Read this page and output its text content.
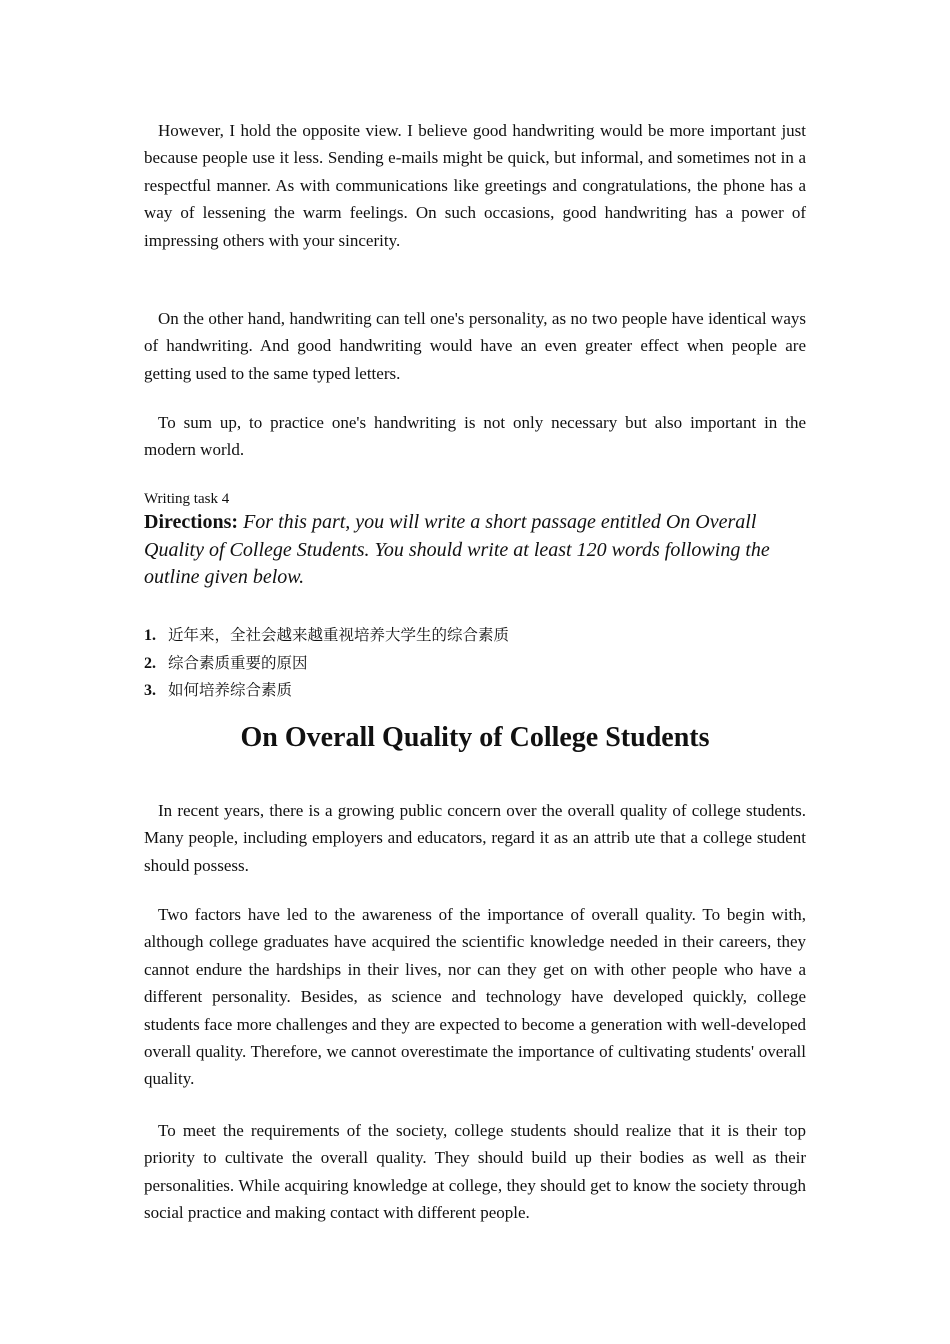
However, I hold the opposite view. I believe good handwriting would be more important just because people use it less. Sending e-mails might be quick, but informal, and sometimes not in a respectful manner. As with communications like greetings and congratulations, the phone has a way of lessening the warm feelings. On such occasions, good handwriting has a power of impressing others with your sincerity.

On the other hand, handwriting can tell one's personality, as no two people have identical ways of handwriting. And good handwriting would have an even greater effect when people are getting used to the same typed letters.

To sum up, to practice one's handwriting is not only necessary but also important in the modern world.

Writing task 4

Directions: For this part, you will write a short passage entitled On Overall Quality of College Students. You should write at least 120 words following the outline given below.

1. 近年来，全社会越来越重视培养大学生的综合素质
2. 综合素质重要的原因
3. 如何培养综合素质
On Overall Quality of College Students

In recent years, there is a growing public concern over the overall quality of college students. Many people, including employers and educators, regard it as an attrib ute that a college student should possess.

Two factors have led to the awareness of the importance of overall quality. To begin with, although college graduates have acquired the scientific knowledge needed in their careers, they cannot endure the hardships in their lives, nor can they get on with other people who have a different personality. Besides, as science and technology have developed quickly, college students face more challenges and they are expected to become a generation with well-developed overall quality. Therefore, we cannot overestimate the importance of cultivating students' overall quality.

To meet the requirements of the society, college students should realize that it is their top priority to cultivate the overall quality. They should build up their bodies as well as their personalities. While acquiring knowledge at college, they should get to know the society through social practice and making contact with different people.
